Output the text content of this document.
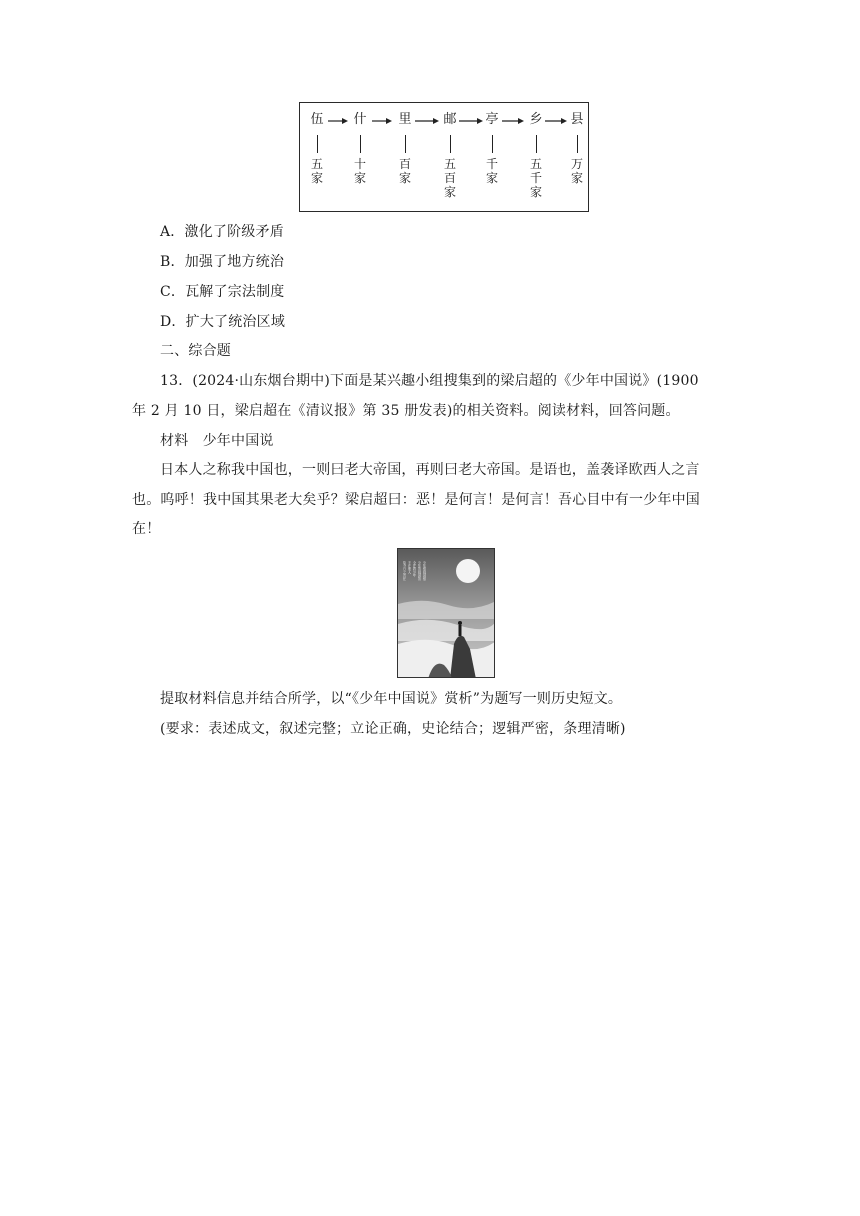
伍
五
家
什
十
家
里
百
家
邮
五
百
家
亭
千
家
乡
五
千
家
县
万
家
A．激化了阶级矛盾
B．加强了地方统治
C．瓦解了宗法制度
D．扩大了统治区域
二、综合题
13．(2024·山东烟台期中)下面是某兴趣小组搜集到的梁启超的《少年中国说》(1900
年 2 月 10 日，梁启超在《清议报》第 35 册发表)的相关资料。阅读材料，回答问题。
材料　少年中国说
日本人之称我中国也，一则曰老大帝国，再则曰老大帝国。是语也，盖袭译欧西人之言
也。呜呼！我中国其果老大矣乎？梁启超曰：恶！是何言！是何言！吾心目中有一少年中国
在！
故今日之责任 不在他人 全在我少年 少年智则国智 少年强则国强
提取材料信息并结合所学，以“《少年中国说》赏析”为题写一则历史短文。
(要求：表述成文，叙述完整；立论正确，史论结合；逻辑严密，条理清晰)
